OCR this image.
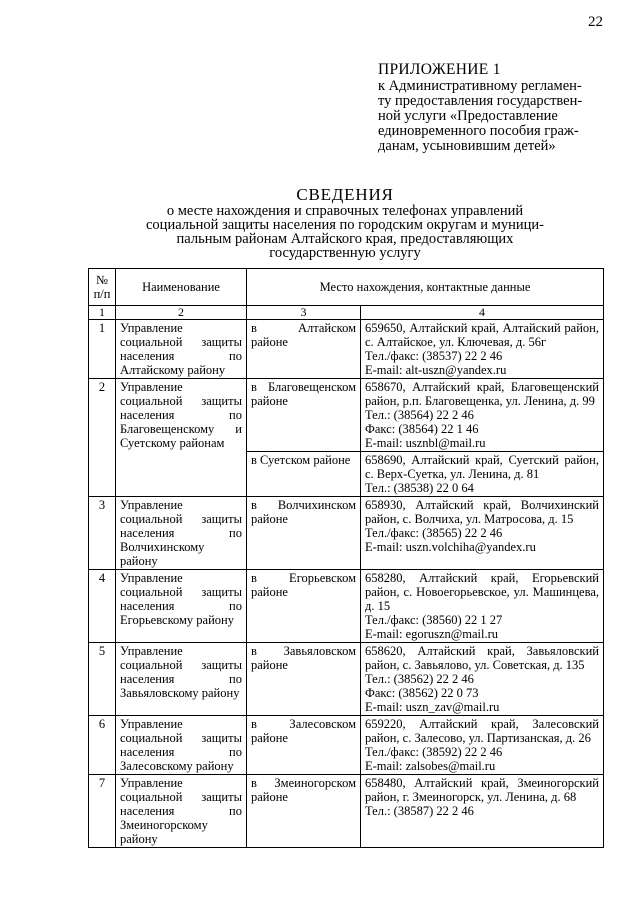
22
ПРИЛОЖЕНИЕ 1
к Административному регламен-
ту предоставления государствен-
ной услуги «Предоставление
единовременного пособия граж-
данам, усыновившим детей»
СВЕДЕНИЯ
о месте нахождения и справочных телефонах управлений
социальной защиты населения по городским округам и муници-
пальным районам Алтайского края, предоставляющих
государственную услугу
№ п/п	Наименование	Место нахождения, контактные данные	
1	2	3	4
1	Управление социальной защиты населения по Алтайскому району	в Алтайском районе	659650, Алтайский край, Алтайский район, с. Алтайское, ул. Ключевая, д. 56г
Тел./факс: (38537) 22 2 46
E-mail: alt-uszn@yandex.ru

2	Управление социальной защиты населения по Благовещенскому и Суетскому районам	в Благовещенском районе	658670, Алтайский край, Благовещенский район, р.п. Благовещенка, ул. Ленина, д. 99
Тел.: (38564) 22 2 46
Факс: (38564) 22 1 46
E-mail: usznbl@mail.ru

		в Суетском районе	658690, Алтайский край, Суетский район, с. Верх-Суетка, ул. Ленина, д. 81
Тел.: (38538) 22 0 64

3	Управление социальной защиты населения по Волчихинскому району	в Волчихинском районе	658930, Алтайский край, Волчихинский район, с. Волчиха, ул. Матросова, д. 15
Тел./факс: (38565) 22 2 46
E-mail: uszn.volchiha@yandex.ru

4	Управление социальной защиты населения по Егорьевскому району	в Егорьевском районе	658280, Алтайский край, Егорьевский район, с. Новоегорьевское, ул. Машинцева, д. 15
Тел./факс: (38560) 22 1 27
E-mail: egoruszn@mail.ru

5	Управление социальной защиты населения по Завьяловскому району	в Завьяловском районе	658620, Алтайский край, Завьяловский район, с. Завьялово, ул. Советская, д. 135
Тел.: (38562) 22 2 46
Факс: (38562) 22 0 73
E-mail: uszn_zav@mail.ru

6	Управление социальной защиты населения по Залесовскому району	в Залесовском районе	659220, Алтайский край, Залесовский район, с. Залесово, ул. Партизанская, д. 26
Тел./факс: (38592) 22 2 46
E-mail: zalsobes@mail.ru

7	Управление социальной защиты населения по Змеиногорскому району	в Змеиногорском районе	658480, Алтайский край, Змеиногорский район, г. Змеиногорск, ул. Ленина, д. 68
Тел.: (38587) 22 2 46
